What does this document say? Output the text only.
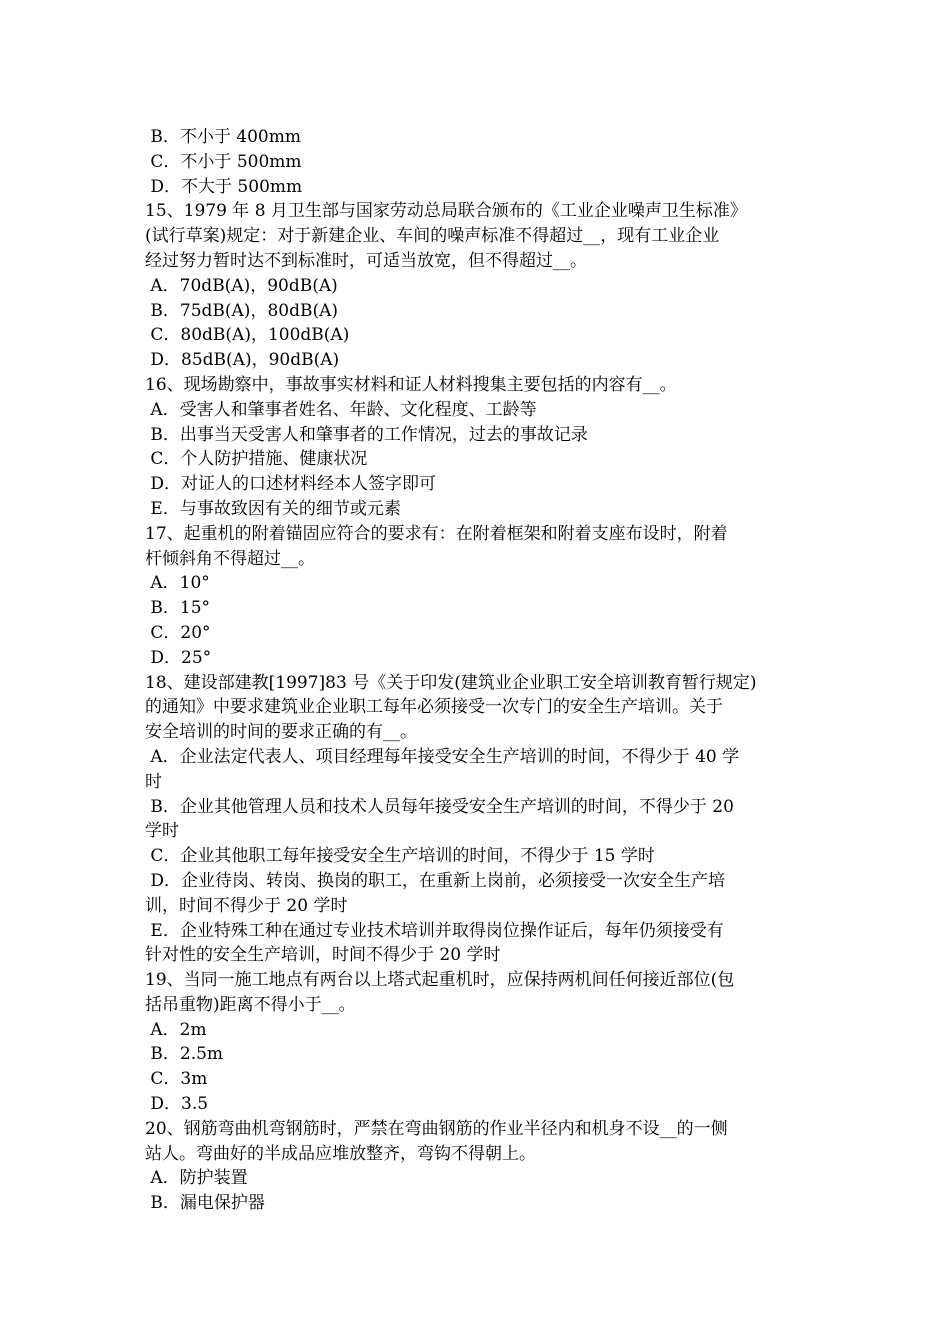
B．不小于 400mm
C．不小于 500mm
D．不大于 500mm
15、1979 年 8 月卫生部与国家劳动总局联合颁布的《工业企业噪声卫生标准》
(试行草案)规定：对于新建企业、车间的噪声标准不得超过__，现有工业企业
经过努力暂时达不到标准时，可适当放宽，但不得超过__。
A．70dB(A)，90dB(A)
B．75dB(A)，80dB(A)
C．80dB(A)，100dB(A)
D．85dB(A)，90dB(A)
16、现场勘察中，事故事实材料和证人材料搜集主要包括的内容有__。
A．受害人和肇事者姓名、年龄、文化程度、工龄等
B．出事当天受害人和肇事者的工作情况，过去的事故记录
C．个人防护措施、健康状况
D．对证人的口述材料经本人签字即可
E．与事故致因有关的细节或元素
17、起重机的附着锚固应符合的要求有：在附着框架和附着支座布设时，附着
杆倾斜角不得超过__。
A．10°
B．15°
C．20°
D．25°
18、建设部建教[1997]83 号《关于印发(建筑业企业职工安全培训教育暂行规定)
的通知》中要求建筑业企业职工每年必须接受一次专门的安全生产培训。关于
安全培训的时间的要求正确的有__。
A．企业法定代表人、项目经理每年接受安全生产培训的时间，不得少于 40 学
时
B．企业其他管理人员和技术人员每年接受安全生产培训的时间，不得少于 20
学时
C．企业其他职工每年接受安全生产培训的时间，不得少于 15 学时
D．企业待岗、转岗、换岗的职工，在重新上岗前，必须接受一次安全生产培
训，时间不得少于 20 学时
E．企业特殊工种在通过专业技术培训并取得岗位操作证后，每年仍须接受有
针对性的安全生产培训，时间不得少于 20 学时
19、当同一施工地点有两台以上塔式起重机时，应保持两机间任何接近部位(包
括吊重物)距离不得小于__。
A．2m
B．2.5m
C．3m
D．3.5
20、钢筋弯曲机弯钢筋时，严禁在弯曲钢筋的作业半径内和机身不设__的一侧
站人。弯曲好的半成品应堆放整齐，弯钩不得朝上。
A．防护装置
B．漏电保护器
